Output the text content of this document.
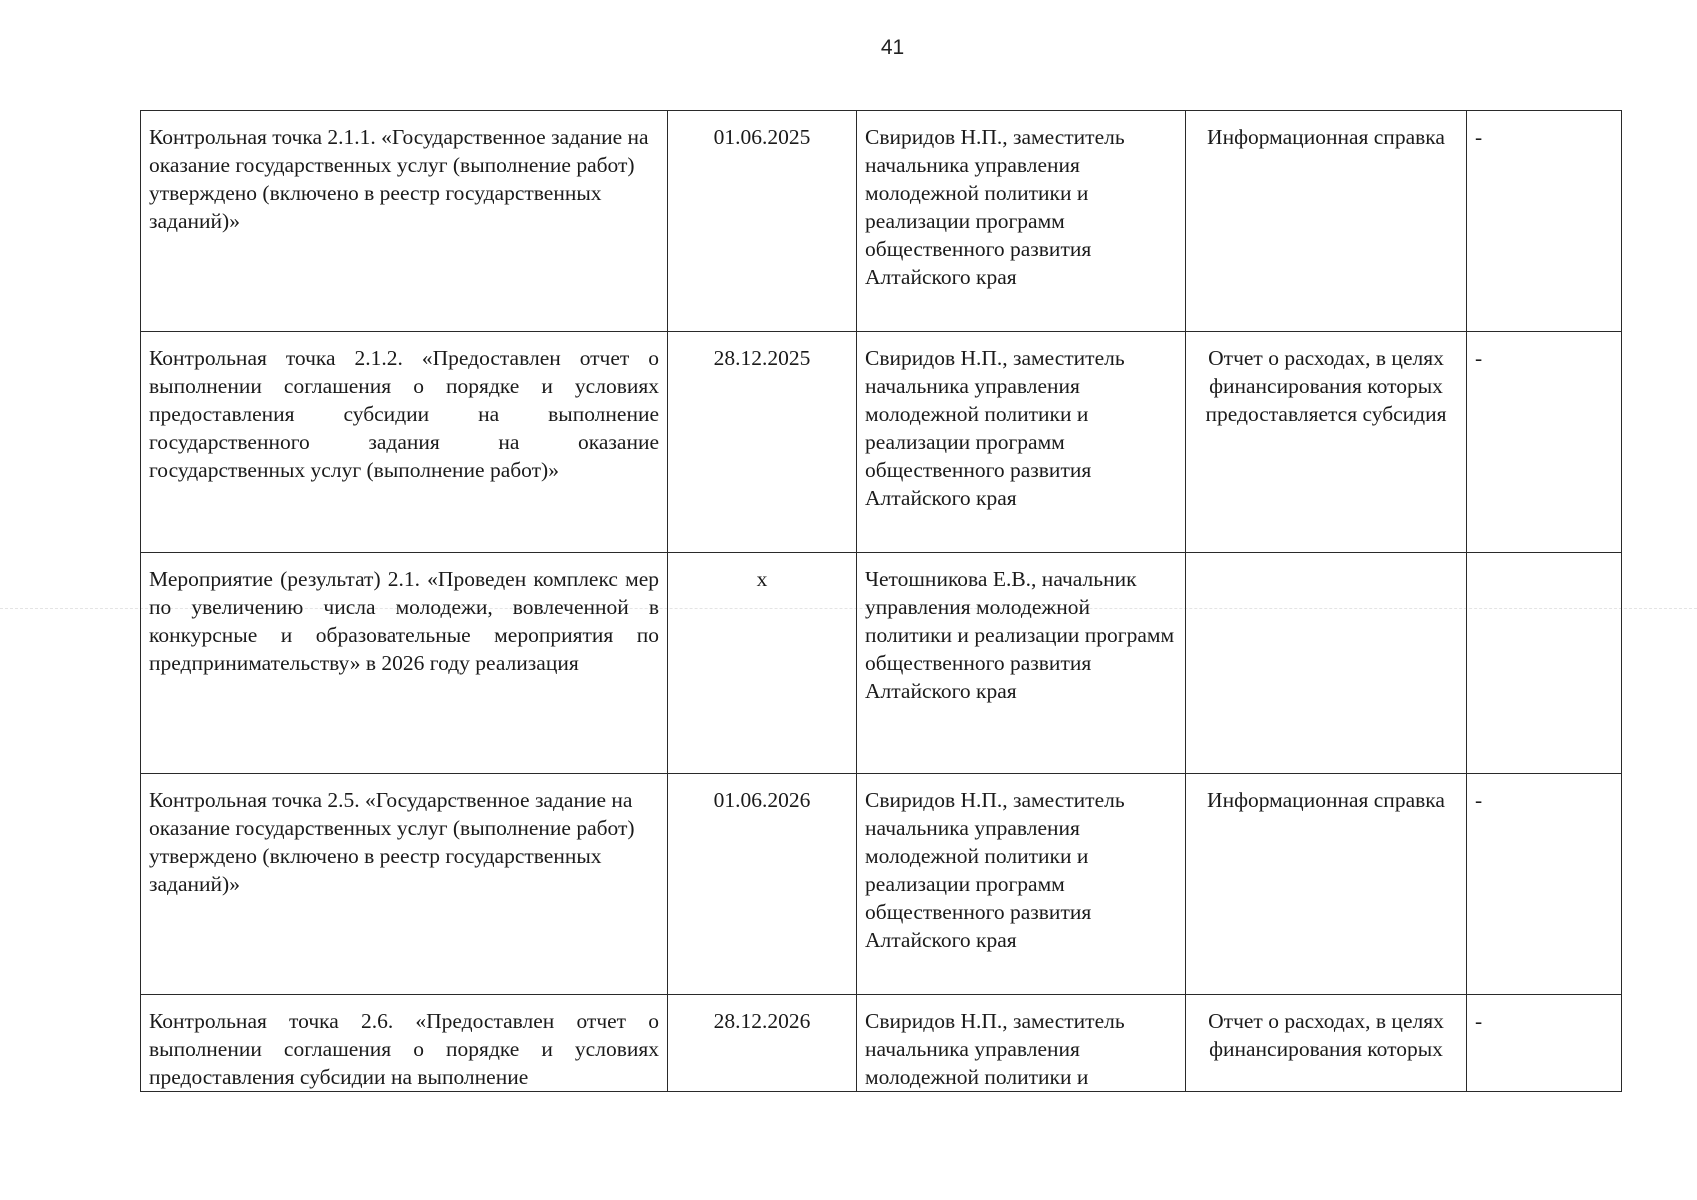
41
Контрольная точка 2.1.1. «Государственное задание на оказание государственных услуг (выполнение работ) утверждено (включено в реестр государственных заданий)»	01.06.2025	Свиридов Н.П., заместитель начальника управления молодежной политики и реализации программ общественного развития Алтайского края	Информационная справка	-
Контрольная точка 2.1.2. «Предоставлен отчет о выполнении соглашения о порядке и условиях предоставления субсидии на выполнение государственного задания на оказание государственных услуг (выполнение работ)»	28.12.2025	Свиридов Н.П., заместитель начальника управления молодежной политики и реализации программ общественного развития Алтайского края	Отчет о расходах, в целях финансирования которых предоставляется субсидия	-
Мероприятие (результат) 2.1. «Проведен комплекс мер по увеличению числа молодежи, вовлеченной в конкурсные и образовательные мероприятия по предпринимательству» в 2026 году реализация	х	Четошникова Е.В., начальник управления молодежной политики и реализации программ общественного развития Алтайского края		
Контрольная точка 2.5. «Государственное задание на оказание государственных услуг (выполнение работ) утверждено (включено в реестр государственных заданий)»	01.06.2026	Свиридов Н.П., заместитель начальника управления молодежной политики и реализации программ общественного развития Алтайского края	Информационная справка	-

Контрольная точка 2.6. «Предоставлен отчет о выполнении соглашения о порядке и условиях предоставления субсидии на выполнение	28.12.2026	Свиридов Н.П., заместитель начальника управления молодежной политики и	Отчет о расходах, в целях финансирования которых	-
